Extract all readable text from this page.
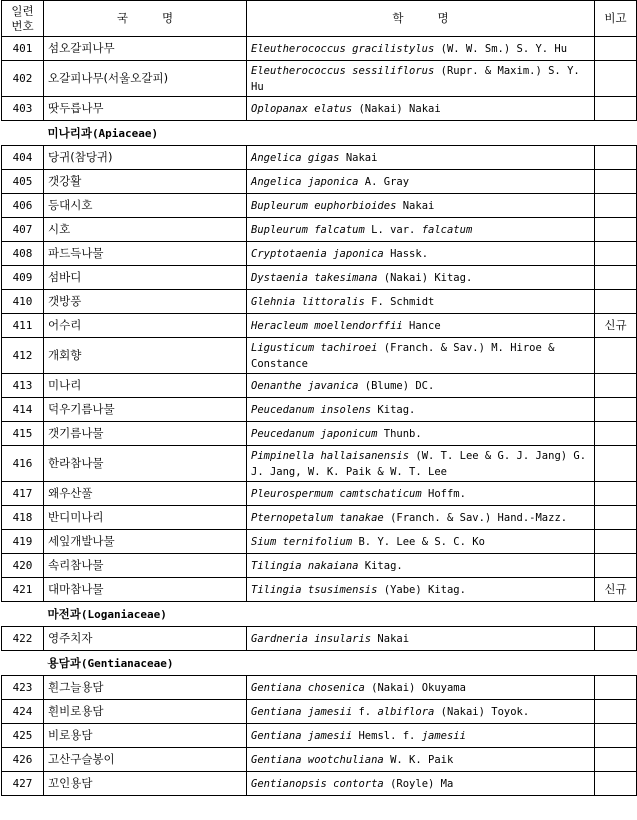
일련
번호	국 명	학 명	비고
401	섬오갈피나무	Eleutherococcus gracilistylus (W. W. Sm.) S. Y. Hu	
402	오갈피나무(서울오갈피)	Eleutherococcus sessiliflorus (Rupr. & Maxim.) S. Y. Hu	
403	땃두릅나무	Oplopanax elatus (Nakai) Nakai	
미나리과(Apiaceae)			
404	당귀(참당귀)	Angelica gigas Nakai	
405	갯강활	Angelica japonica A. Gray	
406	등대시호	Bupleurum euphorbioides Nakai	
407	시호	Bupleurum falcatum L. var. falcatum	
408	파드득나물	Cryptotaenia japonica Hassk.	
409	섬바디	Dystaenia takesimana (Nakai) Kitag.	
410	갯방풍	Glehnia littoralis F. Schmidt	
411	어수리	Heracleum moellendorffii Hance	신규
412	개회향	Ligusticum tachiroei (Franch. & Sav.) M. Hiroe & Constance	
413	미나리	Oenanthe javanica (Blume) DC.	
414	덕우기름나물	Peucedanum insolens Kitag.	
415	갯기름나물	Peucedanum japonicum Thunb.	
416	한라참나물	Pimpinella hallaisanensis (W. T. Lee & G. J. Jang) G. J. Jang, W. K. Paik & W. T. Lee	
417	왜우산풀	Pleurospermum camtschaticum Hoffm.	
418	반디미나리	Pternopetalum tanakae (Franch. & Sav.) Hand.-Mazz.	
419	세잎개발나물	Sium ternifolium B. Y. Lee & S. C. Ko	
420	속리참나물	Tilingia nakaiana Kitag.	
421	대마참나물	Tilingia tsusimensis (Yabe) Kitag.	신규
마전과(Loganiaceae)			
422	영주치자	Gardneria insularis Nakai	
용담과(Gentianaceae)			
423	흰그늘용담	Gentiana chosenica (Nakai) Okuyama	
424	흰비로용담	Gentiana jamesii f. albiflora (Nakai) Toyok.	
425	비로용담	Gentiana jamesii Hemsl. f. jamesii	
426	고산구슬봉이	Gentiana wootchuliana W. K. Paik	
427	꼬인용담	Gentianopsis contorta (Royle) Ma	
